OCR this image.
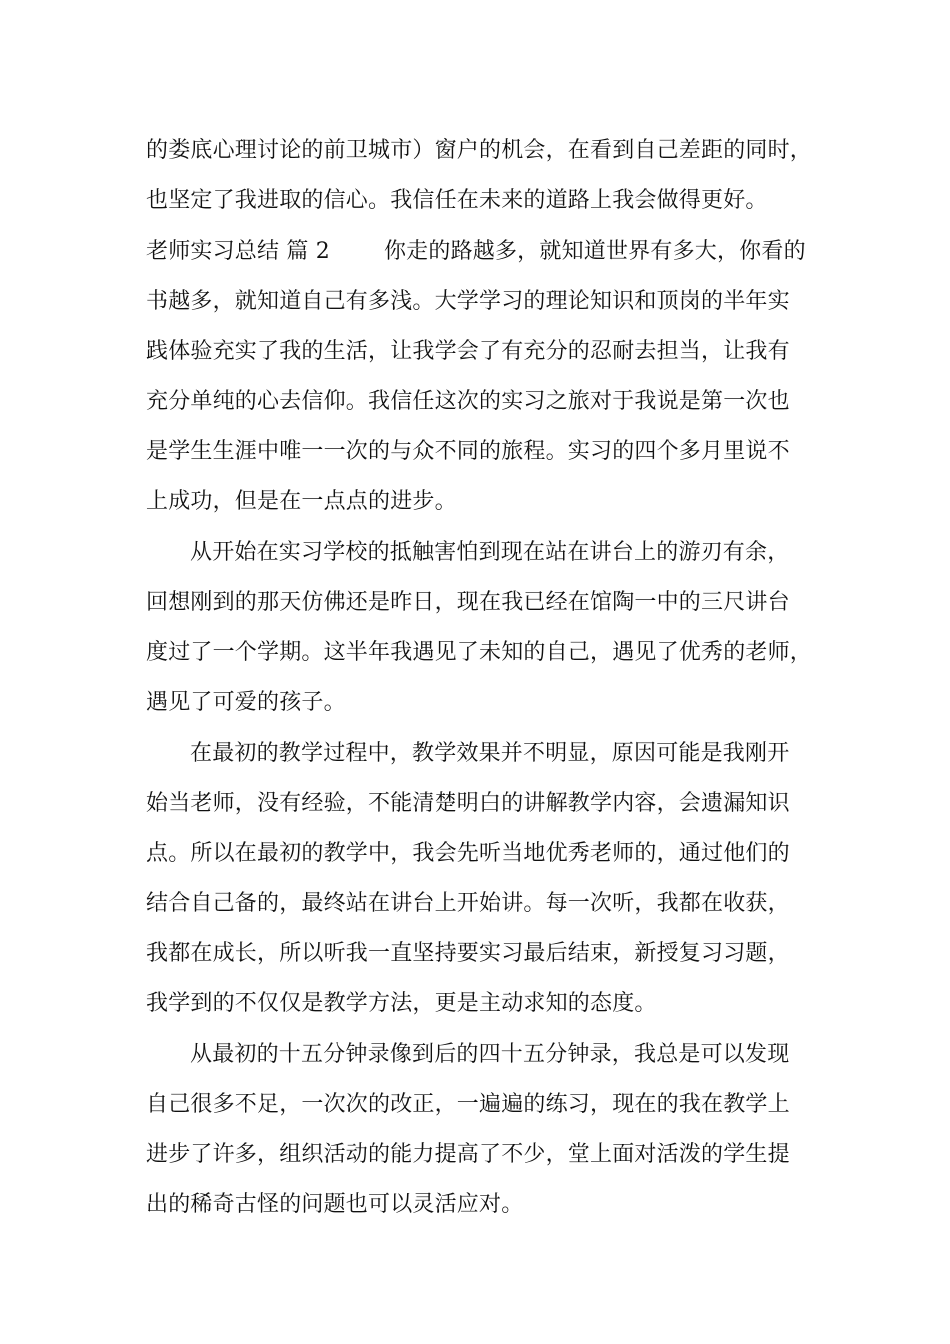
的娄底心理讨论的前卫城市）窗户的机会，在看到自己差距的同时，
也坚定了我进取的信心。我信任在未来的道路上我会做得更好。
老师实习总结 篇 2 你走的路越多，就知道世界有多大，你看的
书越多，就知道自己有多浅。大学学习的理论知识和顶岗的半年实
践体验充实了我的生活，让我学会了有充分的忍耐去担当，让我有
充分单纯的心去信仰。我信任这次的实习之旅对于我说是第一次也
是学生生涯中唯一一次的与众不同的旅程。实习的四个多月里说不
上成功，但是在一点点的进步。
从开始在实习学校的抵触害怕到现在站在讲台上的游刃有余，
回想刚到的那天仿佛还是昨日，现在我已经在馆陶一中的三尺讲台
度过了一个学期。这半年我遇见了未知的自己，遇见了优秀的老师，
遇见了可爱的孩子。
在最初的教学过程中，教学效果并不明显，原因可能是我刚开
始当老师，没有经验，不能清楚明白的讲解教学内容，会遗漏知识
点。所以在最初的教学中，我会先听当地优秀老师的，通过他们的
结合自己备的，最终站在讲台上开始讲。每一次听，我都在收获，
我都在成长，所以听我一直坚持要实习最后结束，新授复习习题，
我学到的不仅仅是教学方法，更是主动求知的态度。
从最初的十五分钟录像到后的四十五分钟录，我总是可以发现
自己很多不足，一次次的改正，一遍遍的练习，现在的我在教学上
进步了许多，组织活动的能力提高了不少，堂上面对活泼的学生提
出的稀奇古怪的问题也可以灵活应对。
